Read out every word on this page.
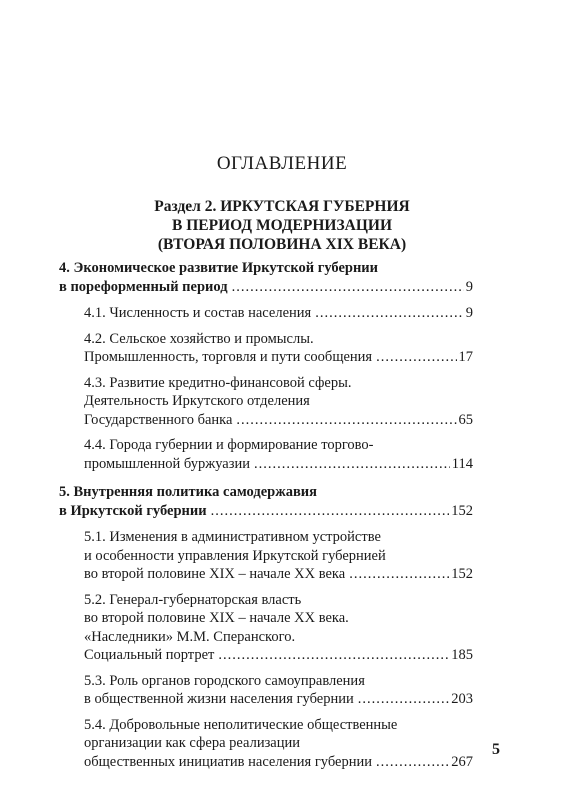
ОГЛАВЛЕНИЕ
Раздел 2. ИРКУТСКАЯ ГУБЕРНИЯ
В ПЕРИОД МОДЕРНИЗАЦИИ
(ВТОРАЯ ПОЛОВИНА XIX ВЕКА)
4. Экономическое развитие Иркутской губернии
в пореформенный период .....	9
4.1. Численность и состав населения .....	9
4.2. Сельское хозяйство и промыслы.
Промышленность, торговля и пути сообщения .....	17
4.3. Развитие кредитно-финансовой сферы.
Деятельность Иркутского отделения
Государственного банка .....	65
4.4. Города губернии и формирование торгово-
промышленной буржуазии .....	114
5. Внутренняя политика самодержавия
в Иркутской губернии .....	152
5.1. Изменения в административном устройстве
и особенности управления Иркутской губернией
во второй половине XIX – начале XX века .....	152
5.2. Генерал-губернаторская власть
во второй половине XIX – начале XX века.
«Наследники» М.М. Сперанского.
Социальный портрет .....	185
5.3. Роль органов городского самоуправления
в общественной жизни населения губернии .....	203
5.4. Добровольные неполитические общественные
организации как сфера реализации
общественных инициатив населения губернии .....	267
5
